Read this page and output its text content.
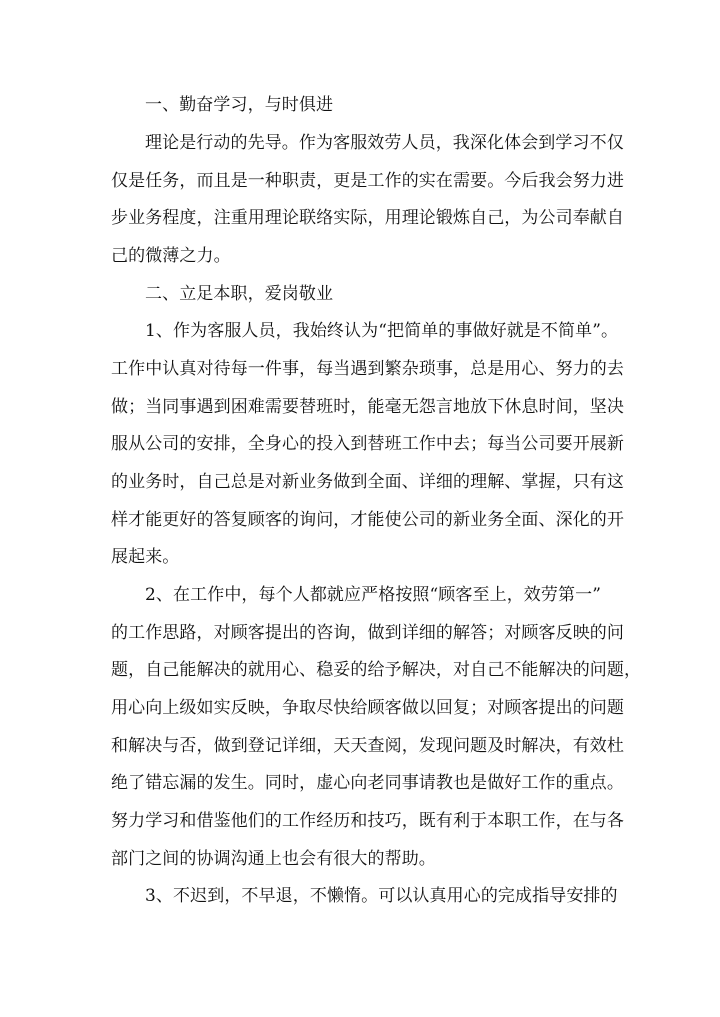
一、勤奋学习，与时俱进
理论是行动的先导。作为客服效劳人员，我深化体会到学习不仅
仅是任务，而且是一种职责，更是工作的实在需要。今后我会努力进
步业务程度，注重用理论联络实际，用理论锻炼自己，为公司奉献自
己的微薄之力。
二、立足本职，爱岗敬业
1、作为客服人员，我始终认为“把简单的事做好就是不简单”。
工作中认真对待每一件事，每当遇到繁杂琐事，总是用心、努力的去
做；当同事遇到困难需要替班时，能毫无怨言地放下休息时间，坚决
服从公司的安排，全身心的投入到替班工作中去；每当公司要开展新
的业务时，自己总是对新业务做到全面、详细的理解、掌握，只有这
样才能更好的答复顾客的询问，才能使公司的新业务全面、深化的开
展起来。
2、在工作中，每个人都就应严格按照“顾客至上，效劳第一”
的工作思路，对顾客提出的咨询，做到详细的解答；对顾客反映的问
题，自己能解决的就用心、稳妥的给予解决，对自己不能解决的问题，
用心向上级如实反映，争取尽快给顾客做以回复；对顾客提出的问题
和解决与否，做到登记详细，天天查阅，发现问题及时解决，有效杜
绝了错忘漏的发生。同时，虚心向老同事请教也是做好工作的重点。
努力学习和借鉴他们的工作经历和技巧，既有利于本职工作，在与各
部门之间的协调沟通上也会有很大的帮助。
3、不迟到，不早退，不懒惰。可以认真用心的完成指导安排的
